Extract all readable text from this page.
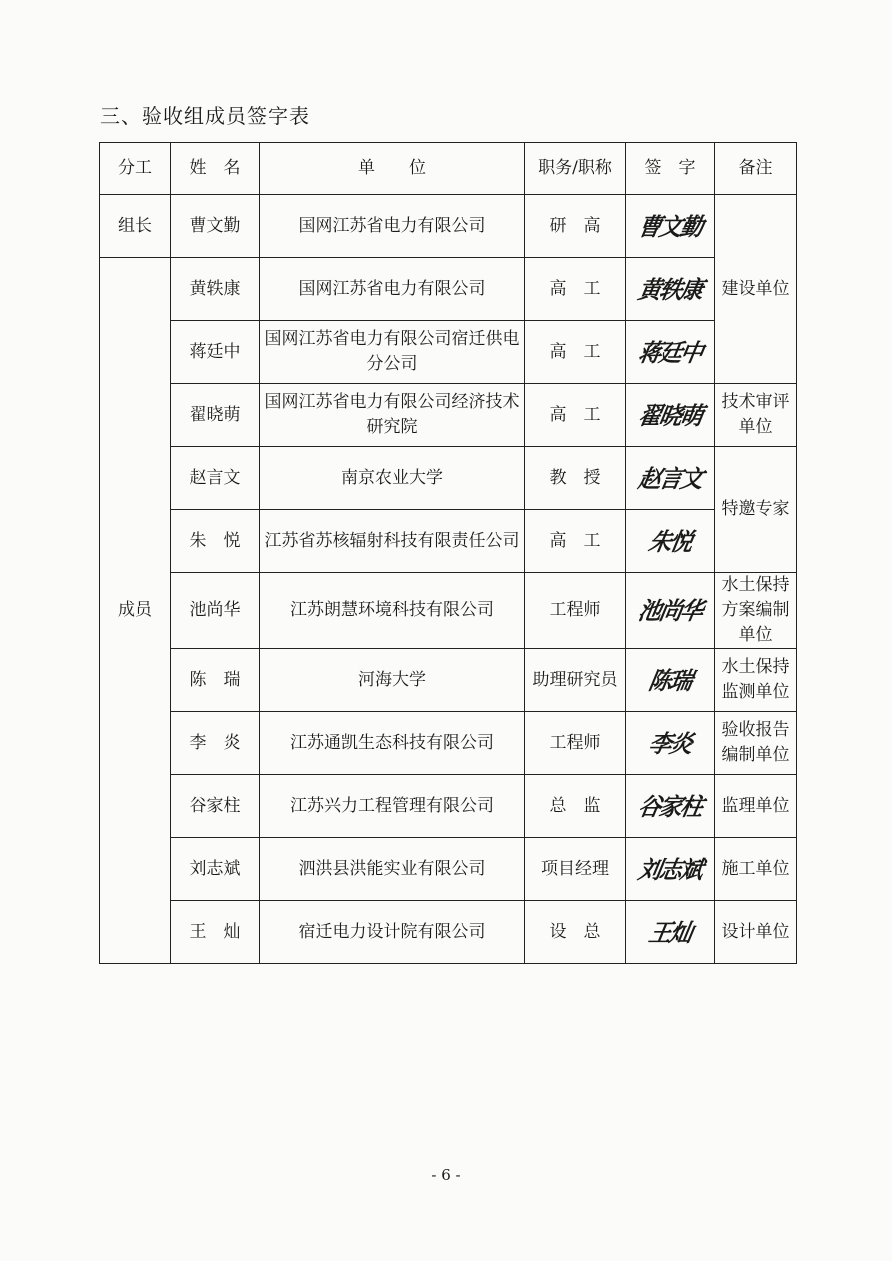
三、验收组成员签字表
分工	姓　名	单　　位	职务/职称	签　字	备注
组长	曹文勤	国网江苏省电力有限公司	研　高	曹文勤	建设单位
成员	黄轶康	国网江苏省电力有限公司	高　工	黄轶康	

	蒋廷中	国网江苏省电力有限公司宿迁供电分公司	高　工	蒋廷中	

	翟晓萌	国网江苏省电力有限公司经济技术研究院	高　工	翟晓萌	技术审评单位
	赵言文	南京农业大学	教　授	赵言文	特邀专家
	朱　悦	江苏省苏核辐射科技有限责任公司	高　工	朱悦	

	池尚华	江苏朗慧环境科技有限公司	工程师	池尚华	水土保持方案编制单位
	陈　瑞	河海大学	助理研究员	陈瑞	水土保持监测单位
	李　炎	江苏通凯生态科技有限公司	工程师	李炎	验收报告编制单位
	谷家柱	江苏兴力工程管理有限公司	总　监	谷家柱	监理单位
	刘志斌	泗洪县洪能实业有限公司	项目经理	刘志斌	施工单位
	王　灿	宿迁电力设计院有限公司	设　总	王灿	设计单位
- 6 -
